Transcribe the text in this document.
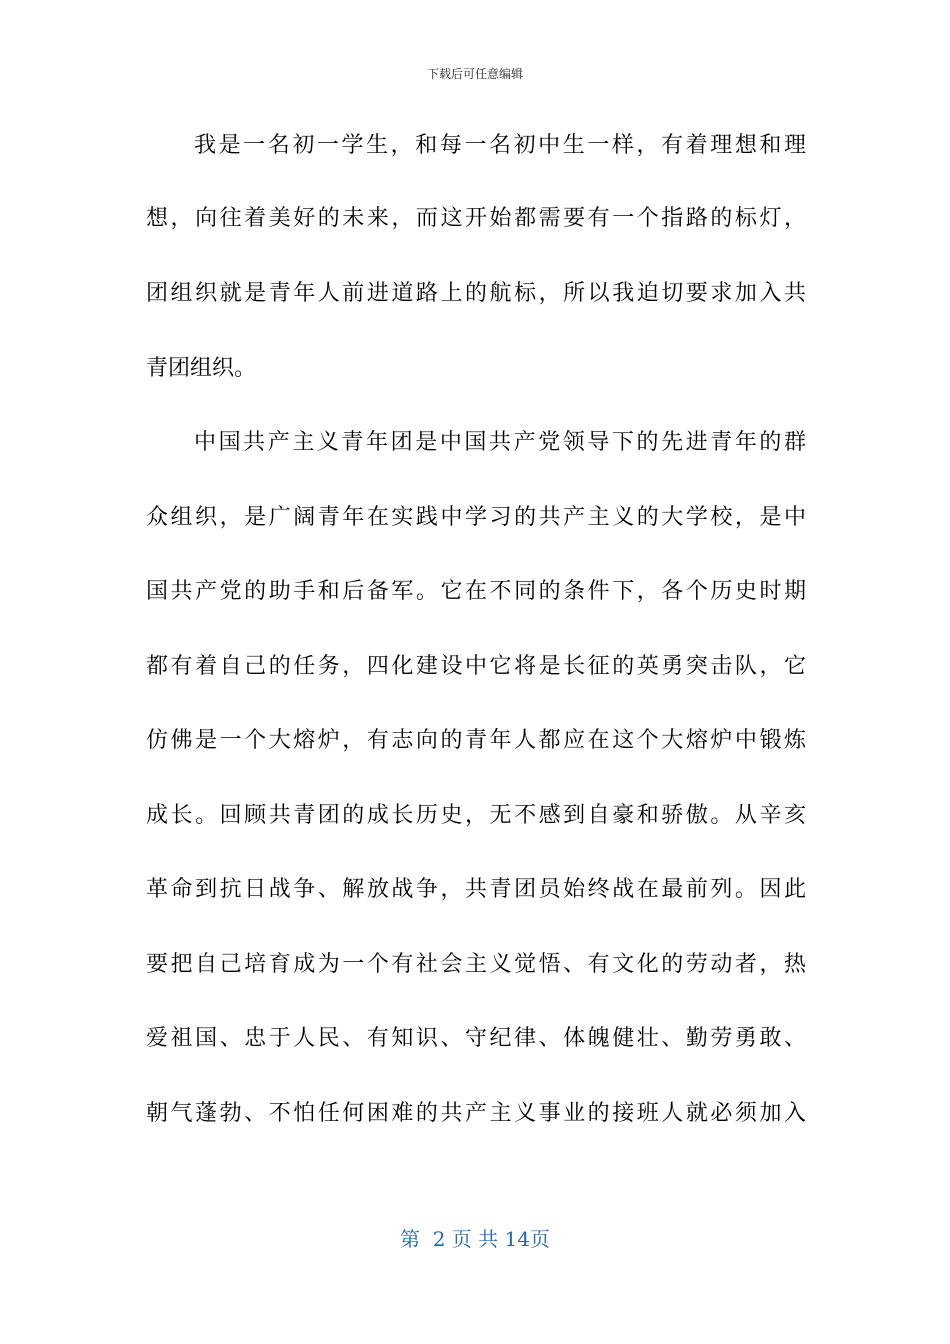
下载后可任意编辑
我是一名初一学生，和每一名初中生一样，有着理想和理
想，向往着美好的未来，而这开始都需要有一个指路的标灯，
团组织就是青年人前进道路上的航标，所以我迫切要求加入共
青团组织。
中国共产主义青年团是中国共产党领导下的先进青年的群
众组织，是广阔青年在实践中学习的共产主义的大学校，是中
国共产党的助手和后备军。它在不同的条件下，各个历史时期
都有着自己的任务，四化建设中它将是长征的英勇突击队，它
仿佛是一个大熔炉，有志向的青年人都应在这个大熔炉中锻炼
成长。回顾共青团的成长历史，无不感到自豪和骄傲。从辛亥
革命到抗日战争、解放战争，共青团员始终战在最前列。因此
要把自己培育成为一个有社会主义觉悟、有文化的劳动者，热
爱祖国、忠于人民、有知识、守纪律、体魄健壮、勤劳勇敢、
朝气蓬勃、不怕任何困难的共产主义事业的接班人就必须加入
第  2 页 共 14页
